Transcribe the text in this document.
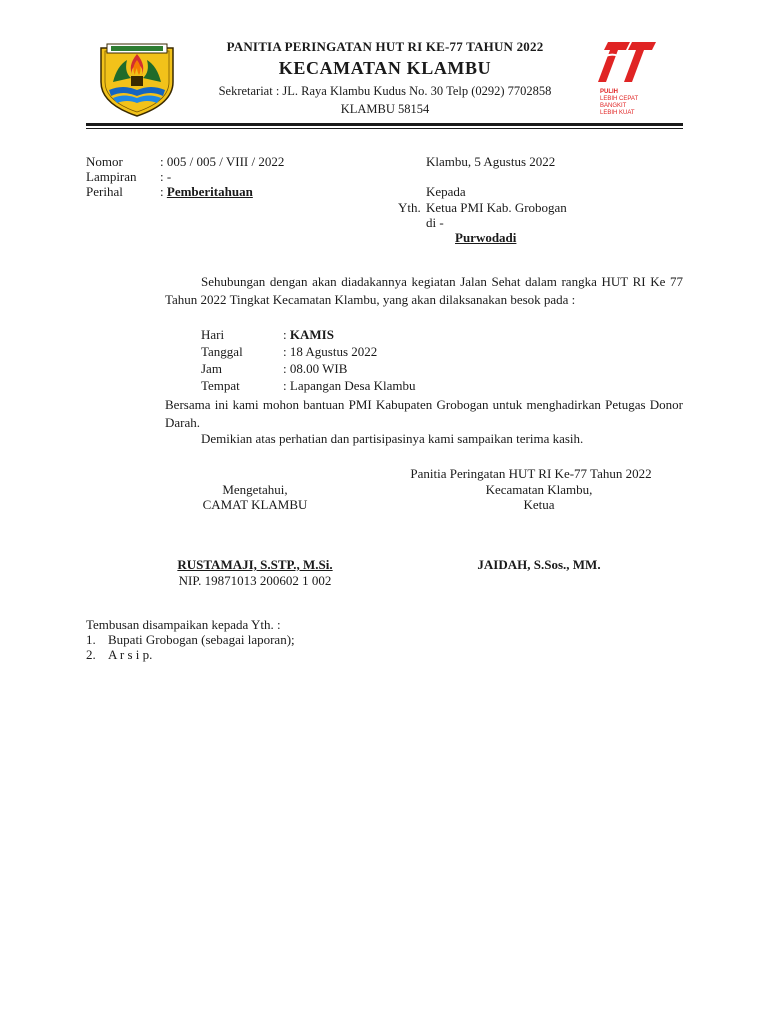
PANITIA PERINGATAN HUT RI KE-77 TAHUN 2022
KECAMATAN KLAMBU
Sekretariat : JL. Raya Klambu Kudus No. 30 Telp (0292) 7702858
KLAMBU 58154
PULIH
LEBIH CEPAT
BANGKIT
LEBIH KUAT
Nomor	: 005 / 005 / VIII / 2022
Lampiran : -
Perihal	: Pemberitahuan
Klambu, 5 Agustus 2022
Kepada
Yth. Ketua PMI Kab. Grobogan
di -
Purwodadi
Sehubungan dengan akan diadakannya kegiatan Jalan Sehat dalam rangka HUT RI Ke 77 Tahun 2022 Tingkat Kecamatan Klambu, yang akan dilaksanakan besok pada :
Hari	: KAMIS
Tanggal	: 18 Agustus 2022
Jam	: 08.00 WIB
Tempat	: Lapangan Desa Klambu
Bersama ini kami mohon bantuan PMI Kabupaten Grobogan untuk menghadirkan Petugas Donor Darah.
Demikian atas perhatian dan partisipasinya kami sampaikan terima kasih.
Panitia Peringatan HUT RI Ke-77 Tahun 2022
Kecamatan Klambu,
Ketua
JAIDAH, S.Sos., MM.
Mengetahui,
CAMAT KLAMBU
RUSTAMAJI, S.STP., M.Si.
NIP. 19871013 200602 1 002
Tembusan disampaikan kepada Yth. :
1. Bupati Grobogan (sebagai laporan);
2. A r s i p.
